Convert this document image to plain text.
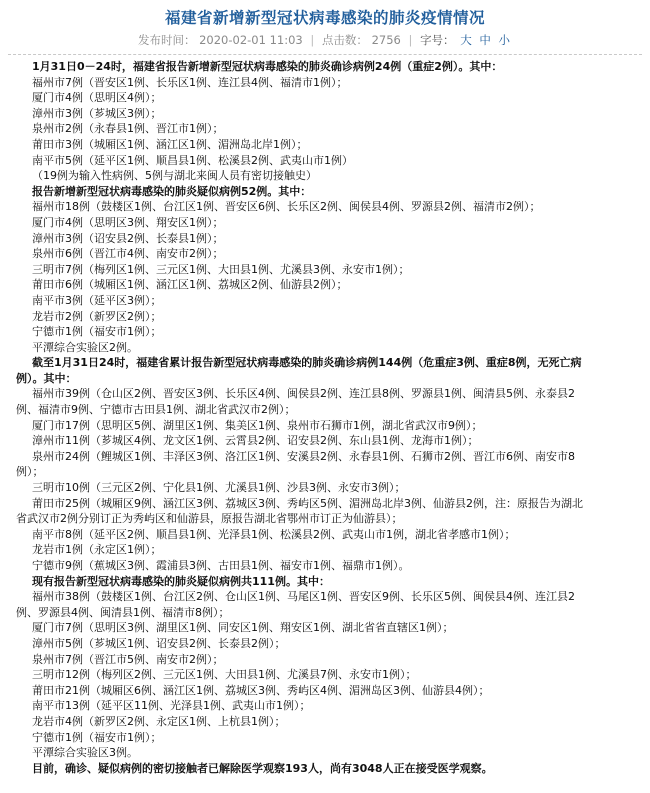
福建省新增新型冠状病毒感染的肺炎疫情情况
发布时间： 2020-02-01 11:03 | 点击数： 2756 | 字号： 大 中 小
1月31日0－24时，福建省报告新增新型冠状病毒感染的肺炎确诊病例24例（重症2例）。其中：
福州市7例（晋安区1例、长乐区1例、连江县4例、福清市1例）；
厦门市4例（思明区4例）；
漳州市3例（芗城区3例）；
泉州市2例（永春县1例、晋江市1例）；
莆田市3例（城厢区1例、涵江区1例、湄洲岛北岸1例）；
南平市5例（延平区1例、顺昌县1例、松溪县2例、武夷山市1例）
（19例为输入性病例、5例与湖北来闽人员有密切接触史）
报告新增新型冠状病毒感染的肺炎疑似病例52例。其中：
福州市18例（鼓楼区1例、台江区1例、晋安区6例、长乐区2例、闽侯县4例、罗源县2例、福清市2例）；
厦门市4例（思明区3例、翔安区1例）；
漳州市3例（诏安县2例、长泰县1例）；
泉州市6例（晋江市4例、南安市2例）；
三明市7例（梅列区1例、三元区1例、大田县1例、尤溪县3例、永安市1例）；
莆田市6例（城厢区1例、涵江区1例、荔城区2例、仙游县2例）；
南平市3例（延平区3例）；
龙岩市2例（新罗区2例）；
宁德市1例（福安市1例）；
平潭综合实验区2例。
截至1月31日24时，福建省累计报告新型冠状病毒感染的肺炎确诊病例144例（危重症3例、重症8例，无死亡病
例）。其中：
福州市39例（仓山区2例、晋安区3例、长乐区4例、闽侯县2例、连江县8例、罗源县1例、闽清县5例、永泰县2
例、福清市9例、宁德市古田县1例、湖北省武汉市2例）；
厦门市17例（思明区5例、湖里区1例、集美区1例、泉州市石狮市1例，湖北省武汉市9例）；
漳州市11例（芗城区4例、龙文区1例、云霄县2例、诏安县2例、东山县1例、龙海市1例）；
泉州市24例（鲤城区1例、丰泽区3例、洛江区1例、安溪县2例、永春县1例、石狮市2例、晋江市6例、南安市8
例）；
三明市10例（三元区2例、宁化县1例、尤溪县1例、沙县3例、永安市3例）；
莆田市25例（城厢区9例、涵江区3例、荔城区3例、秀屿区5例、湄洲岛北岸3例、仙游县2例，注：原报告为湖北
省武汉市2例分别订正为秀屿区和仙游县，原报告湖北省鄂州市订正为仙游县）；
南平市8例（延平区2例、顺昌县1例、光泽县1例、松溪县2例、武夷山市1例，湖北省孝感市1例）；
龙岩市1例（永定区1例）；
宁德市9例（蕉城区3例、霞浦县3例、古田县1例、福安市1例、福鼎市1例）。
现有报告新型冠状病毒感染的肺炎疑似病例共111例。其中：
福州市38例（鼓楼区1例、台江区2例、仓山区1例、马尾区1例、晋安区9例、长乐区5例、闽侯县4例、连江县2
例、罗源县4例、闽清县1例、福清市8例）；
厦门市7例（思明区3例、湖里区1例、同安区1例、翔安区1例、湖北省省直辖区1例）；
漳州市5例（芗城区1例、诏安县2例、长泰县2例）；
泉州市7例（晋江市5例、南安市2例）；
三明市12例（梅列区2例、三元区1例、大田县1例、尤溪县7例、永安市1例）；
莆田市21例（城厢区6例、涵江区1例、荔城区3例、秀屿区4例、湄洲岛区3例、仙游县4例）；
南平市13例（延平区11例、光泽县1例、武夷山市1例）；
龙岩市4例（新罗区2例、永定区1例、上杭县1例）；
宁德市1例（福安市1例）；
平潭综合实验区3例。
目前，确诊、疑似病例的密切接触者已解除医学观察193人，尚有3048人正在接受医学观察。
